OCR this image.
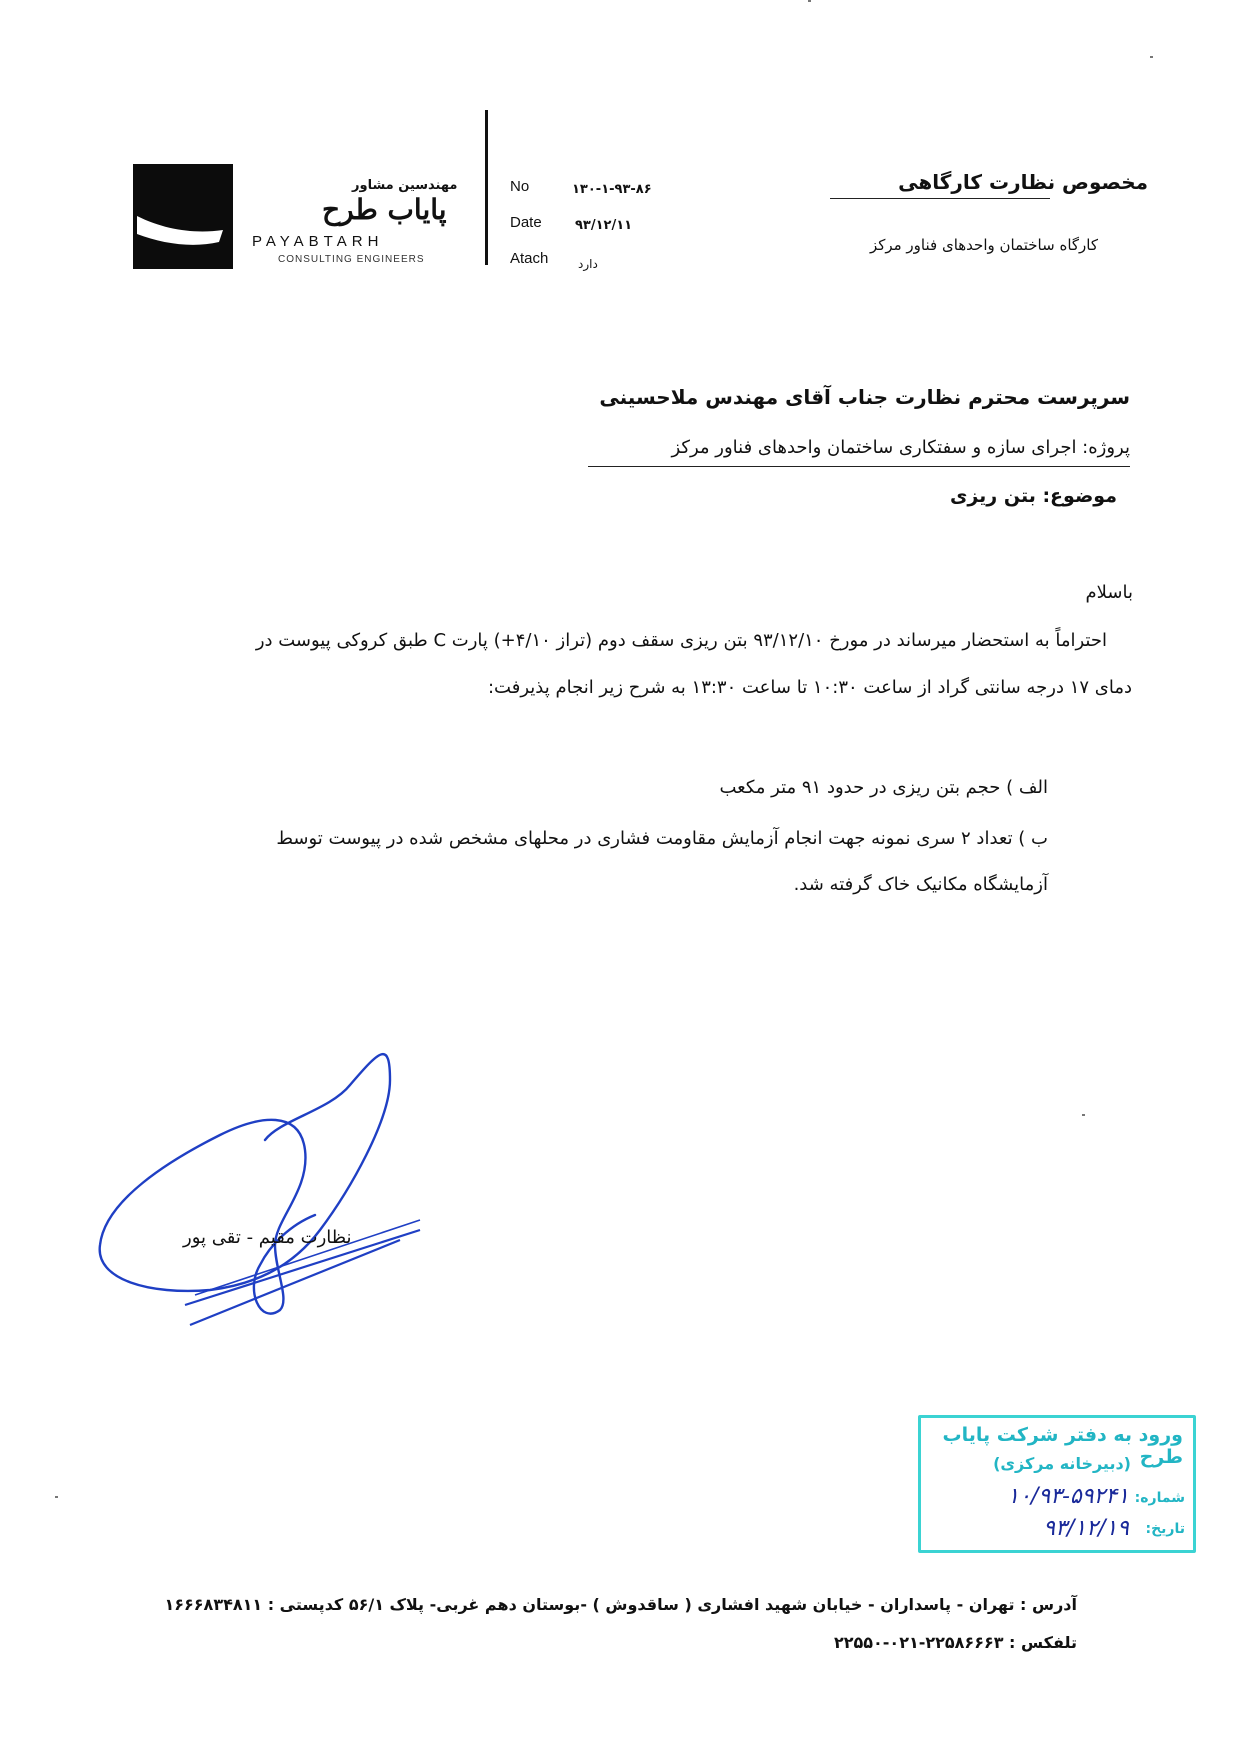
مهندسین مشاور
پایاب طرح
PAYABTARH
CONSULTING ENGINEERS
No	۱۳۰-۱-۹۳-۸۶
Date	۹۳/۱۲/۱۱
Atach دارد
مخصوص نظارت کارگاهی
کارگاه ساختمان واحدهای فناور مرکز
سرپرست محترم نظارت جناب آقای مهندس ملاحسینی
پروژه: اجرای سازه و سفتکاری ساختمان واحدهای فناور مرکز
موضوع: بتن ریزی
باسلام
احتراماً به استحضار میرساند در مورخ ۹۳/۱۲/۱۰ بتن ریزی سقف دوم (تراز ۴/۱۰+) پارت C طبق کروکی پیوست در
دمای ۱۷ درجه سانتی گراد از ساعت ۱۰:۳۰ تا ساعت ۱۳:۳۰ به شرح زیر انجام پذیرفت:
الف ) حجم بتن ریزی در حدود ۹۱ متر مکعب
ب ) تعداد ۲ سری نمونه جهت انجام آزمایش مقاومت فشاری در محلهای مشخص شده در پیوست توسط
آزمایشگاه مکانیک خاک گرفته شد.
نظارت مقیم - تقی پور
ورود به دفتر شرکت پایاب طرح
(دبیرخانه مرکزی)
شماره:
۱۰/۹۳-۵۹۲۴۱
تاریخ:
۹۳/۱۲/۱۹
آدرس : تهران - پاسداران - خیابان شهید افشاری ( ساقدوش ) -بوستان دهم غربی- پلاک ۵۶/۱ کدپستی : ۱۶۶۶۸۳۴۸۱۱
تلفکس : ۲۲۵۸۶۶۶۳-۰۲۱-۲۲۵۵۰
